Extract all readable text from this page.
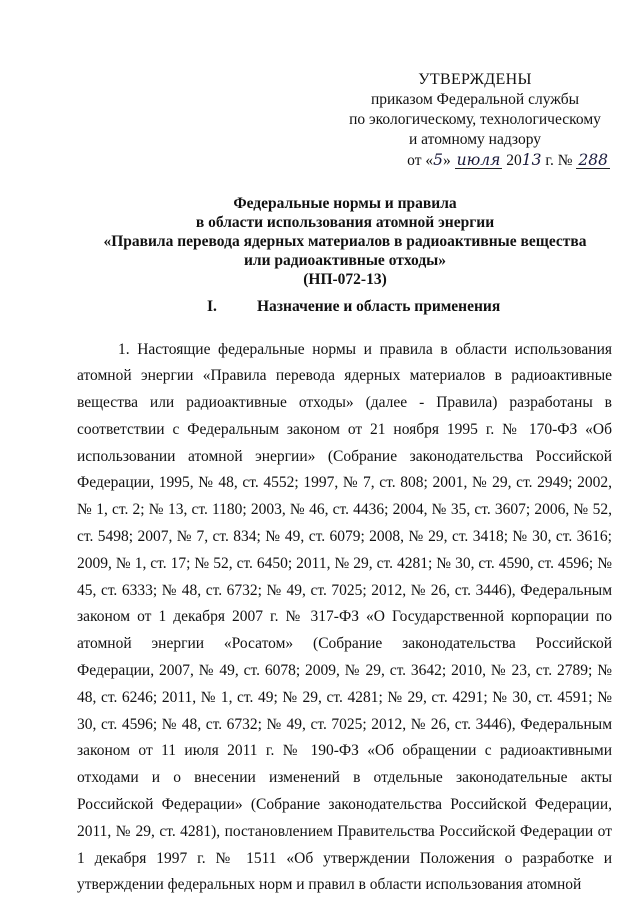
УТВЕРЖДЕНЫ
приказом Федеральной службы
по экологическому, технологическому
и атомному надзору
от «5» июля 2013 г. № 288
Федеральные нормы и правила
в области использования атомной энергии
«Правила перевода ядерных материалов в радиоактивные вещества
или радиоактивные отходы»
(НП-072-13)
I.	Назначение и область применения

1. Настоящие федеральные нормы и правила в области использования атомной энергии «Правила перевода ядерных материалов в радиоактивные вещества или радиоактивные отходы» (далее - Правила) разработаны в соответствии с Федеральным законом от 21 ноября 1995 г. № 170-ФЗ «Об использовании атомной энергии» (Собрание законодательства Российской Федерации, 1995, № 48, ст. 4552; 1997, № 7, ст. 808; 2001, № 29, ст. 2949; 2002, № 1, ст. 2; № 13, ст. 1180; 2003, № 46, ст. 4436; 2004, № 35, ст. 3607; 2006, № 52, ст. 5498; 2007, № 7, ст. 834; № 49, ст. 6079; 2008, № 29, ст. 3418; № 30, ст. 3616; 2009, № 1, ст. 17; № 52, ст. 6450; 2011, № 29, ст. 4281; № 30, ст. 4590, ст. 4596; № 45, ст. 6333; № 48, ст. 6732; № 49, ст. 7025; 2012, № 26, ст. 3446), Федеральным законом от 1 декабря 2007 г. № 317-ФЗ «О Государственной корпорации по атомной энергии «Росатом» (Собрание законодательства Российской Федерации, 2007, № 49, ст. 6078; 2009, № 29, ст. 3642; 2010, № 23, ст. 2789; № 48, ст. 6246; 2011, № 1, ст. 49; № 29, ст. 4281; № 29, ст. 4291; № 30, ст. 4591; № 30, ст. 4596; № 48, ст. 6732; № 49, ст. 7025; 2012, № 26, ст. 3446), Федеральным законом от 11 июля 2011 г. № 190-ФЗ «Об обращении с радиоактивными отходами и о внесении изменений в отдельные законодательные акты Российской Федерации» (Собрание законодательства Российской Федерации, 2011, № 29, ст. 4281), постановлением Правительства Российской Федерации от 1 декабря 1997 г. № 1511 «Об утверждении Положения о разработке и утверждении федеральных норм и правил в области использования атомной
